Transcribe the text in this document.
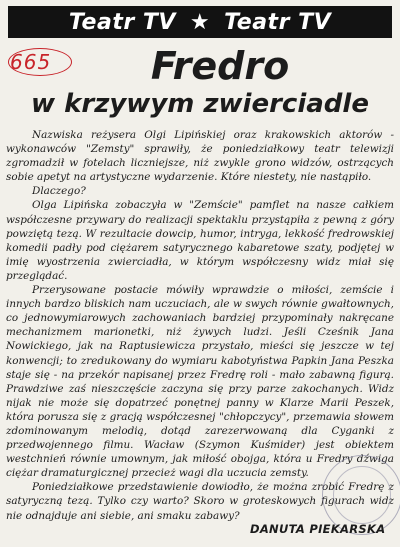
Teatr TV ★ Teatr TV
665	Fredro
w krzywym zwierciadle

Nazwiska reżysera Olgi Lipińskiej oraz krakowskich aktorów - wykonawców "Zemsty" sprawiły, że poniedziałkowy teatr telewizji zgromadził w fotelach liczniejsze, niż zwykle grono widzów, ostrzących sobie apetyt na artystyczne wydarzenie. Które niestety, nie nastąpiło.

Dlaczego?

Olga Lipińska zobaczyła w "Zemście" pamflet na nasze całkiem współczesne przywary do realizacji spektaklu przystąpiła z pewną z góry powziętą tezą. W rezultacie dowcip, humor, intryga, lekkość fredrowskiej komedii padły pod ciężarem satyrycznego kabaretowe szaty, podjętej w imię wyostrzenia zwierciadła, w którym współczesny widz miał się przeglądać.

Przerysowane postacie mówiły wprawdzie o miłości, zemście i innych bardzo bliskich nam uczuciach, ale w swych równie gwałtownych, co jednowymiarowych zachowaniach bardziej przypominały nakręcane mechanizmem marionetki, niż żywych ludzi. Jeśli Cześnik Jana Nowickiego, jak na Raptusiewicza przystało, mieści się jeszcze w tej konwencji; to zredukowany do wymiaru kabotyństwa Papkin Jana Peszka staje się - na przekór napisanej przez Fredrę roli - mało zabawną figurą. Prawdziwe zaś nieszczęście zaczyna się przy parze zakochanych. Widz nijak nie może się dopatrzeć ponętnej panny w Klarze Marii Peszek, która porusza się z gracją współczesnej "chłopczycy", przemawia słowem zdominowanym melodią, dotąd zarezerwowaną dla Cyganki z przedwojennego filmu. Wacław (Szymon Kuśmider) jest obiektem westchnień równie umownym, jak miłość obojga, która u Fredry dźwiga ciężar dramaturgicznej przecież wagi dla uczucia zemsty.

Poniedziałkowe przedstawienie dowiodło, że można zrobić Fredrę z satyryczną tezą. Tylko czy warto? Skoro w groteskowych figurach widz nie odnajduje ani siebie, ani smaku zabawy?

DANUTA PIEKARSKA
